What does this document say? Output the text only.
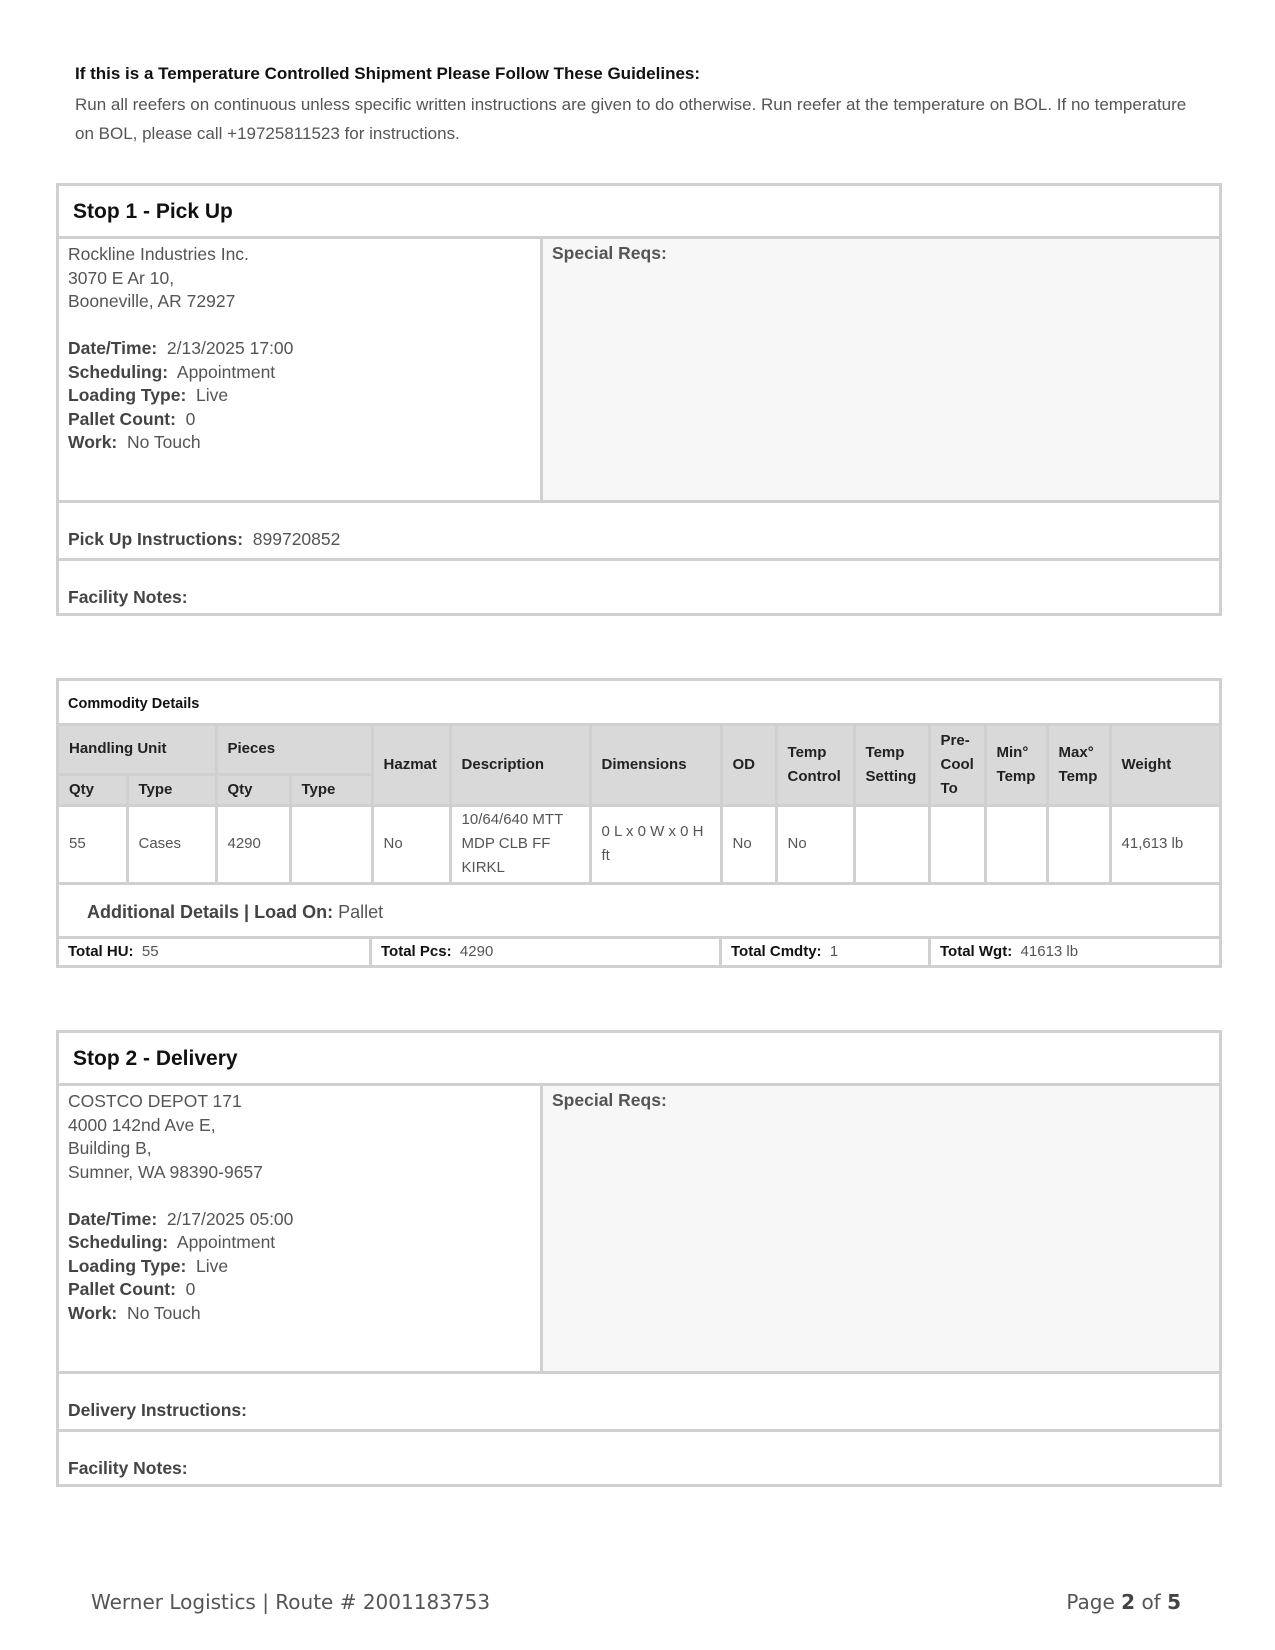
If this is a Temperature Controlled Shipment Please Follow These Guidelines:

Run all reefers on continuous unless specific written instructions are given to do otherwise. Run reefer at the temperature on BOL. If no temperature on BOL, please call +19725811523 for instructions.

Stop 1 - Pick Up
Rockline Industries Inc.
3070 E Ar 10,
Booneville, AR 72927
Date/Time: 2/13/2025 17:00
Scheduling: Appointment
Loading Type: Live
Pallet Count: 0
Work: No Touch
Special Reqs:
Pick Up Instructions: 899720852
Facility Notes:
Commodity Details
Handling Unit		Pieces		Hazmat	Description	Dimensions	OD	Temp Control	Temp Setting	Pre-Cool To	Min° Temp	Max° Temp	Weight
Qty	Type	Qty	Type										
55	Cases	4290		No	10/64/640 MTT MDP CLB FF KIRKL	0 L x 0 W x 0 H ft	No	No					41,613 lb
Additional Details | Load On: Pallet
Total HU: 55	Total Pcs: 4290	Total Cmdty: 1	Total Wgt: 41613 lb
Stop 2 - Delivery
COSTCO DEPOT 171
4000 142nd Ave E,
Building B,
Sumner, WA 98390-9657
Date/Time: 2/17/2025 05:00
Scheduling: Appointment
Loading Type: Live
Pallet Count: 0
Work: No Touch
Special Reqs:
Delivery Instructions:
Facility Notes:
Werner Logistics | Route # 2001183753	Page 2 of 5
